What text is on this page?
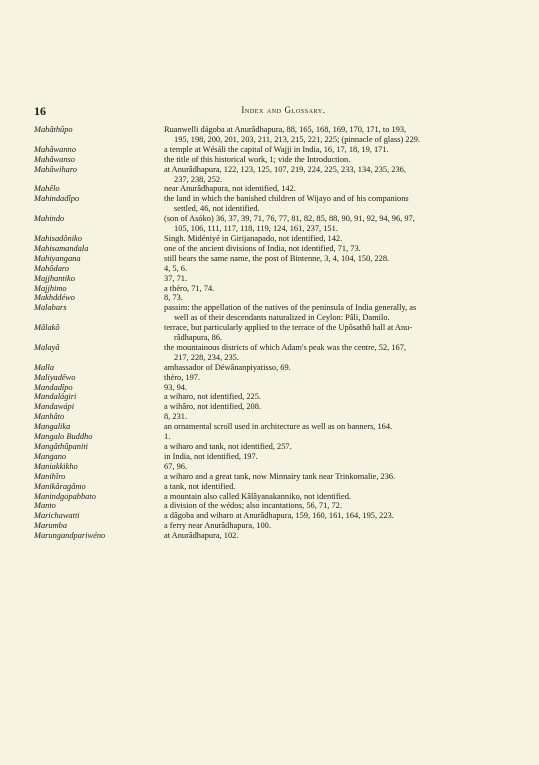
16	Index and Glossary.
Mahâthûpo	Ruanwelli dágoba at Anurâdhapura, 88, 165, 168, 169, 170, 171, to 193,
195, 198, 200, 201, 203, 211, 213, 215, 221, 225; (pinnacle of glass) 229.
Mahâwanno	a temple at Wésáli the capital of Wajji in India, 16, 17, 18, 19, 171.
Mahâwanso	the title of this historical work, 1; vide the Introduction.
Mahâwiharo	at Anurâdhapura, 122, 123, 125, 107, 219, 224, 225, 233, 134, 235, 236,
237, 238, 252.
Mahêlo	near Anurâdhapura, not identified, 142.
Mahindadîpo	the land in which the banished children of Wijayo and of his companions
settled, 46, not identified.
Mahindo	(son of Asóko) 36, 37, 39, 71, 76, 77, 81, 82, 85, 88, 90, 91, 92, 94, 96, 97,
105, 106, 111, 117, 118, 119, 124, 161, 237, 151.
Mahisadôniko	Singh. Midéniyé in Girijanapado, not identified, 142.
Mahisamandala	one of the ancient divisions of India, not identified, 71, 73.
Mahiyangana	still bears the same name, the post of Bintenne, 3, 4, 104, 150, 228.
Mahôdaro	4, 5, 6.
Majjhantiko	37, 71.
Majjhimo	a théro, 71, 74.
Makhddéwo	8, 73.
Malabars	passim: the appellation of the natives of the peninsula of India generally, as
well as of their descendants naturalized in Ceylon: Pâli, Damilo.
Mâlakô	terrace, but particularly applied to the terrace of the Upôsathô hall at Anu-
râdhapura, 86.
Malayâ	the mountainous districts of which Adam's peak was the centre, 52, 167,
217, 228, 234, 235.
Malla	ambassador of Déwânanpiyatisso, 69.
Maliyadêwo	théro, 197.
Mandadîpo	93, 94.
Mandalágiri	a wiharo, not identified, 225.
Mandawápi	a wihâro, not identified, 208.
Manhâto	8, 231.
Mangalika	an ornamental scroll used in architecture as well as on banners, 164.
Mangalo Buddho	1.
Mangâthûpaniti	a wiharo and tank, not identified, 257.
Mangano	in India, not identified, 197.
Maniakkikho	67, 96.
Manihîro	a wiharo and a great tank, now Minnairy tank near Trinkomalie, 236.
Manikâragâmo	a tank, not identified.
Manindgopabbato	a mountain also called Kâlâyanakanniko, not identified.
Manto	a division of the wédos; also incantations, 56, 71, 72.
Marichawatti	a dâgoba and wiharo at Anurâdhapura, 159, 160, 161, 164, 195, 223.
Marumba	a ferry near Anurâdhapura, 100.
Marungandpariwéno	at Anurâdhapura, 102.
